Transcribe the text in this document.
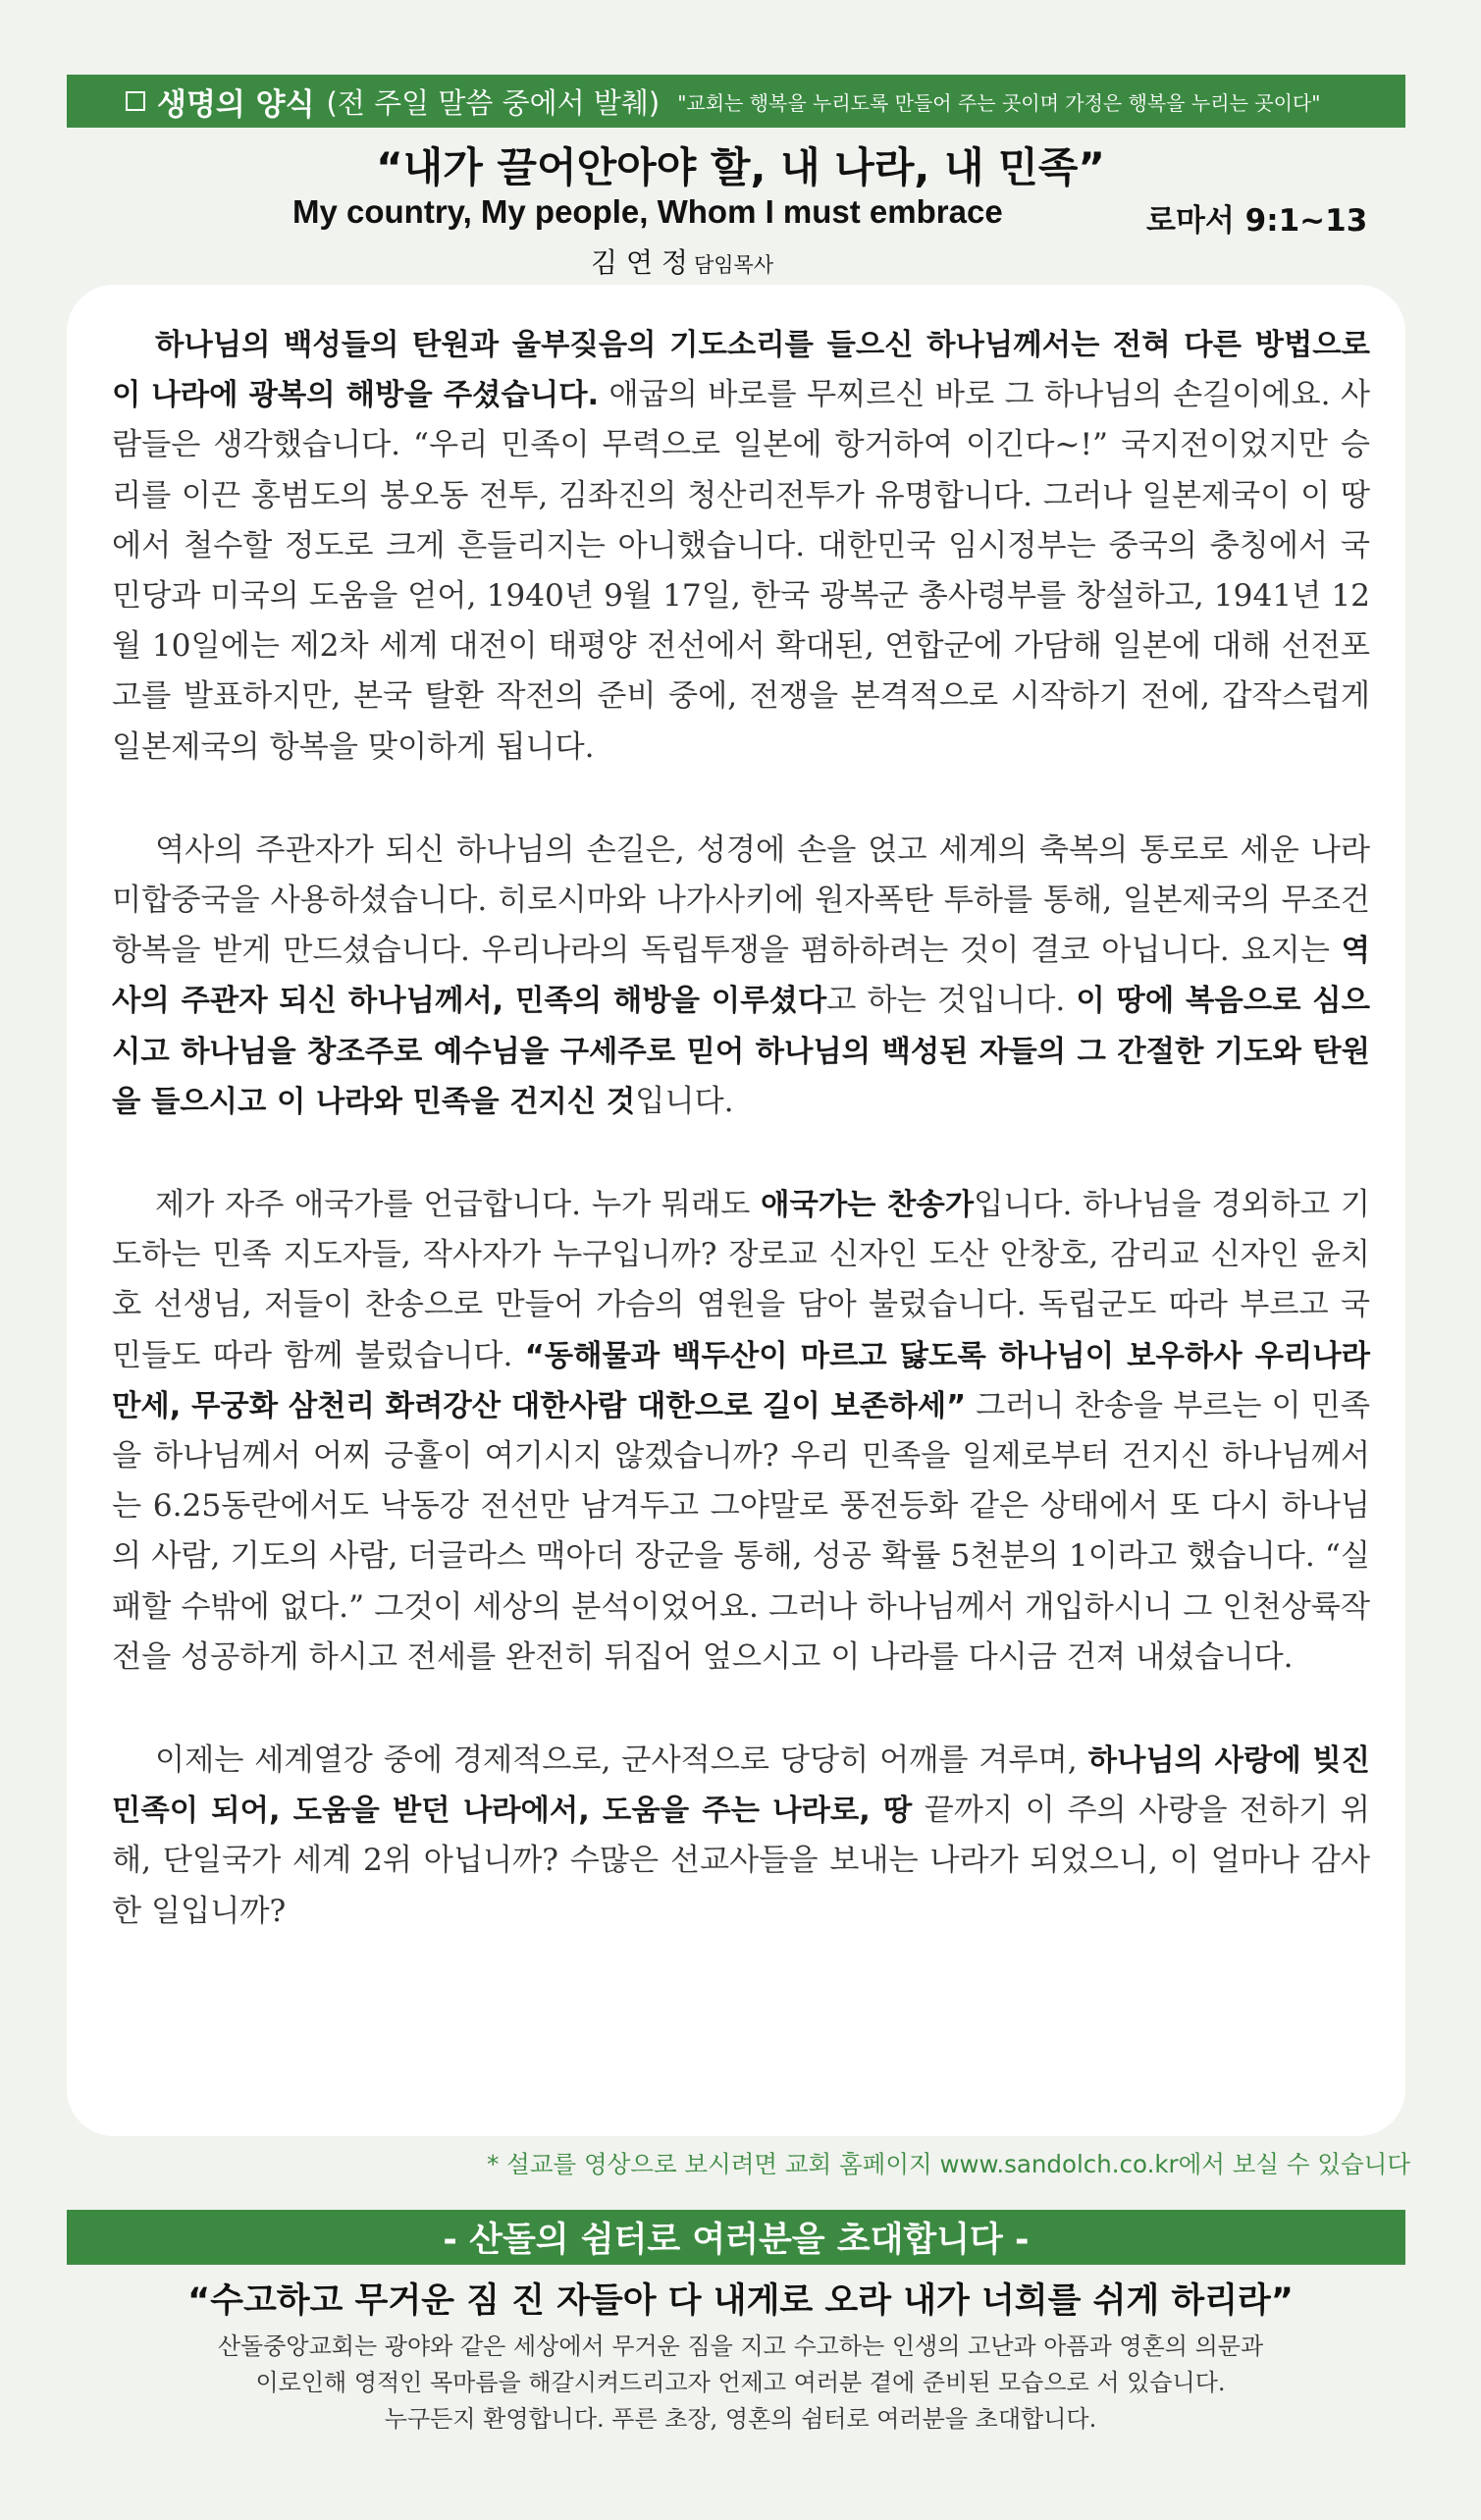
생명의 양식 (전 주일 말씀 중에서 발췌) "교회는 행복을 누리도록 만들어 주는 곳이며 가정은 행복을 누리는 곳이다"
“내가 끌어안아야 할, 내 나라, 내 민족”
My country, My people, Whom I must embrace	로마서 9:1~13
김 연 정 담임목사

하나님의 백성들의 탄원과 울부짖음의 기도소리를 들으신 하나님께서는 전혀 다른 방법으로 이 나라에 광복의 해방을 주셨습니다. 애굽의 바로를 무찌르신 바로 그 하나님의 손길이에요. 사람들은 생각했습니다. “우리 민족이 무력으로 일본에 항거하여 이긴다~!” 국지전이었지만 승리를 이끈 홍범도의 봉오동 전투, 김좌진의 청산리전투가 유명합니다. 그러나 일본제국이 이 땅에서 철수할 정도로 크게 흔들리지는 아니했습니다. 대한민국 임시정부는 중국의 충칭에서 국민당과 미국의 도움을 얻어, 1940년 9월 17일, 한국 광복군 총사령부를 창설하고, 1941년 12월 10일에는 제2차 세계 대전이 태평양 전선에서 확대된, 연합군에 가담해 일본에 대해 선전포고를 발표하지만, 본국 탈환 작전의 준비 중에, 전쟁을 본격적으로 시작하기 전에, 갑작스럽게 일본제국의 항복을 맞이하게 됩니다.

역사의 주관자가 되신 하나님의 손길은, 성경에 손을 얹고 세계의 축복의 통로로 세운 나라 미합중국을 사용하셨습니다. 히로시마와 나가사키에 원자폭탄 투하를 통해, 일본제국의 무조건 항복을 받게 만드셨습니다. 우리나라의 독립투쟁을 폄하하려는 것이 결코 아닙니다. 요지는 역사의 주관자 되신 하나님께서, 민족의 해방을 이루셨다고 하는 것입니다. 이 땅에 복음으로 심으시고 하나님을 창조주로 예수님을 구세주로 믿어 하나님의 백성된 자들의 그 간절한 기도와 탄원을 들으시고 이 나라와 민족을 건지신 것입니다.

제가 자주 애국가를 언급합니다. 누가 뭐래도 애국가는 찬송가입니다. 하나님을 경외하고 기도하는 민족 지도자들, 작사자가 누구입니까? 장로교 신자인 도산 안창호, 감리교 신자인 윤치호 선생님, 저들이 찬송으로 만들어 가슴의 염원을 담아 불렀습니다. 독립군도 따라 부르고 국민들도 따라 함께 불렀습니다. “동해물과 백두산이 마르고 닳도록 하나님이 보우하사 우리나라 만세, 무궁화 삼천리 화려강산 대한사람 대한으로 길이 보존하세” 그러니 찬송을 부르는 이 민족을 하나님께서 어찌 긍휼이 여기시지 않겠습니까? 우리 민족을 일제로부터 건지신 하나님께서는 6.25동란에서도 낙동강 전선만 남겨두고 그야말로 풍전등화 같은 상태에서 또 다시 하나님의 사람, 기도의 사람, 더글라스 맥아더 장군을 통해, 성공 확률 5천분의 1이라고 했습니다. “실패할 수밖에 없다.” 그것이 세상의 분석이었어요. 그러나 하나님께서 개입하시니 그 인천상륙작전을 성공하게 하시고 전세를 완전히 뒤집어 엎으시고 이 나라를 다시금 건져 내셨습니다.

이제는 세계열강 중에 경제적으로, 군사적으로 당당히 어깨를 겨루며, 하나님의 사랑에 빚진 민족이 되어, 도움을 받던 나라에서, 도움을 주는 나라로, 땅 끝까지 이 주의 사랑을 전하기 위해, 단일국가 세계 2위 아닙니까? 수많은 선교사들을 보내는 나라가 되었으니, 이 얼마나 감사한 일입니까?

* 설교를 영상으로 보시려면 교회 홈페이지 www.sandolch.co.kr에서 보실 수 있습니다
- 산돌의 쉼터로 여러분을 초대합니다 -
“수고하고 무거운 짐 진 자들아 다 내게로 오라 내가 너희를 쉬게 하리라”
산돌중앙교회는 광야와 같은 세상에서 무거운 짐을 지고 수고하는 인생의 고난과 아픔과 영혼의 의문과
이로인해 영적인 목마름을 해갈시켜드리고자 언제고 여러분 곁에 준비된 모습으로 서 있습니다.
누구든지 환영합니다. 푸른 초장, 영혼의 쉼터로 여러분을 초대합니다.
